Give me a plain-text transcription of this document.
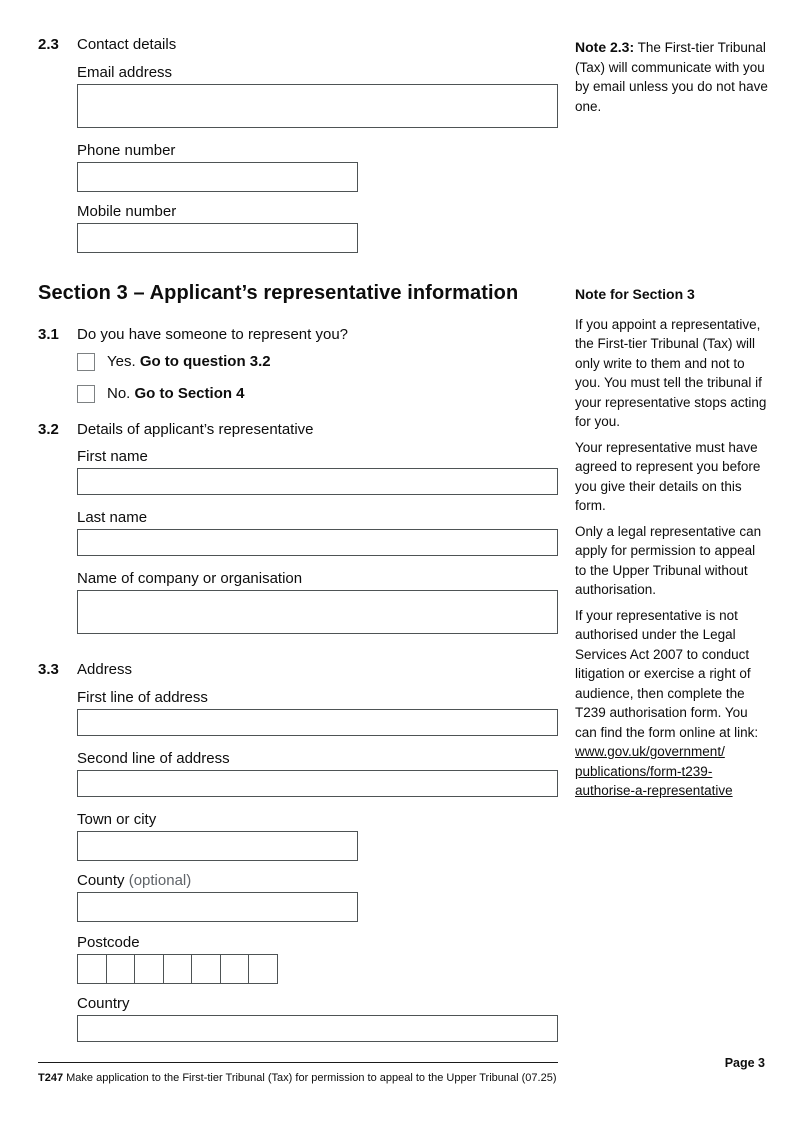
2.3 Contact details
Email address
Phone number
Mobile number
Section 3 – Applicant’s representative information
3.1 Do you have someone to represent you?
Yes. Go to question 3.2
No. Go to Section 4
3.2 Details of applicant’s representative
First name
Last name
Name of company or organisation
3.3 Address
First line of address
Second line of address
Town or city
County (optional)
Postcode
Country
Note 2.3: The First-tier Tribunal (Tax) will communicate with you by email unless you do not have one.
Note for Section 3

If you appoint a representative, the First-tier Tribunal (Tax) will only write to them and not to you. You must tell the tribunal if your representative stops acting for you.

Your representative must have agreed to represent you before you give their details on this form.

Only a legal representative can apply for permission to appeal to the Upper Tribunal without authorisation.

If your representative is not authorised under the Legal Services Act 2007 to conduct litigation or exercise a right of audience, then complete the T239 authorisation form. You can find the form online at link:

www.gov.uk/government/
publications/form-t239-
authorise-a-representative
T247 Make application to the First-tier Tribunal (Tax) for permission to appeal to the Upper Tribunal (07.25)
Page 3
